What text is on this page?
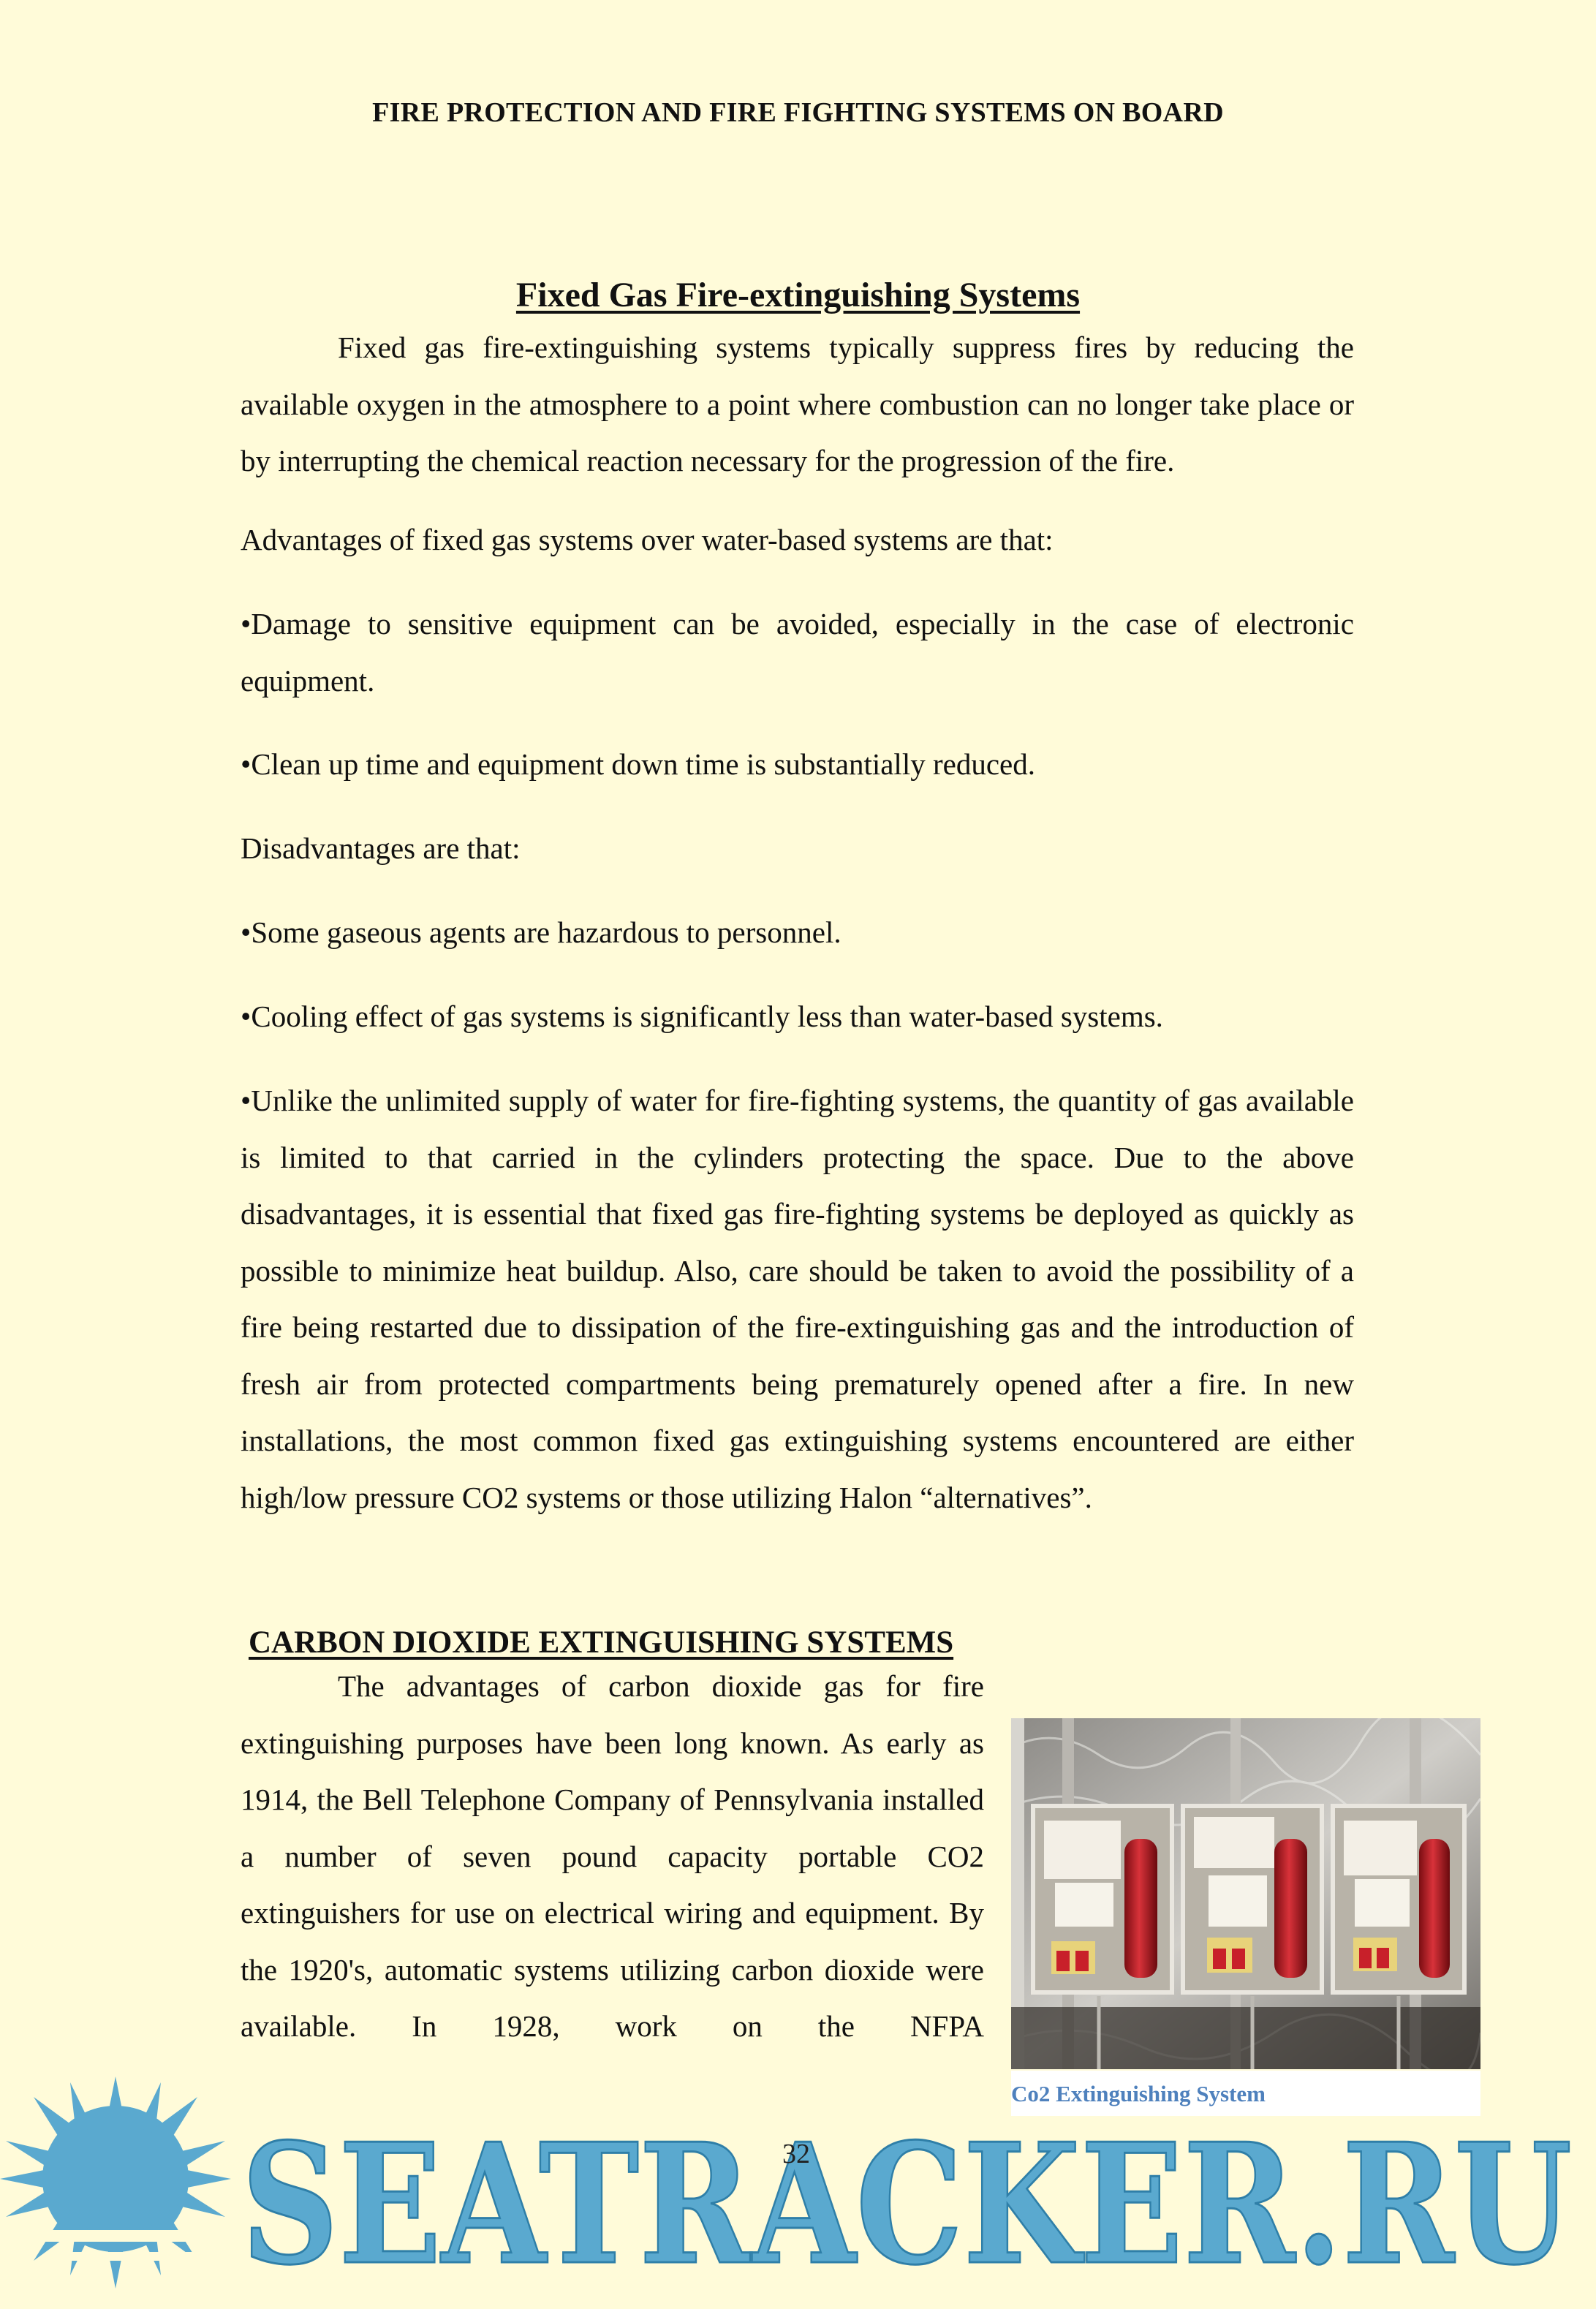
FIRE PROTECTION AND FIRE FIGHTING SYSTEMS ON BOARD
Fixed Gas Fire-extinguishing Systems

Fixed gas fire-extinguishing systems typically suppress fires by reducing the available oxygen in the atmosphere to a point where combustion can no longer take place or by interrupting the chemical reaction necessary for the progression of the fire.

Advantages of fixed gas systems over water-based systems are that:

•Damage to sensitive equipment can be avoided, especially in the case of electronic equipment.

•Clean up time and equipment down time is substantially reduced.

Disadvantages are that:

•Some gaseous agents are hazardous to personnel.

•Cooling effect of gas systems is significantly less than water-based systems.

•Unlike the unlimited supply of water for fire-fighting systems, the quantity of gas available is limited to that carried in the cylinders protecting the space. Due to the above disadvantages, it is essential that fixed gas fire-fighting systems be deployed as quickly as possible to minimize heat buildup. Also, care should be taken to avoid the possibility of a fire being restarted due to dissipation of the fire-extinguishing gas and the introduction of fresh air from protected compartments being prematurely opened after a fire. In new installations, the most common fixed gas extinguishing systems encountered are either high/low pressure CO2 systems or those utilizing Halon “alternatives”.

CARBON DIOXIDE EXTINGUISHING SYSTEMS

The advantages of carbon dioxide gas for fire extinguishing purposes have been long known. As early as 1914, the Bell Telephone Company of Pennsylvania installed a number of seven pound capacity portable CO2 extinguishers for use on electrical wiring and equipment. By the 1920's, automatic systems utilizing carbon dioxide were available. In 1928, work on the NFPA

Co2 Extinguishing System
SEATRACKER.RU
32
